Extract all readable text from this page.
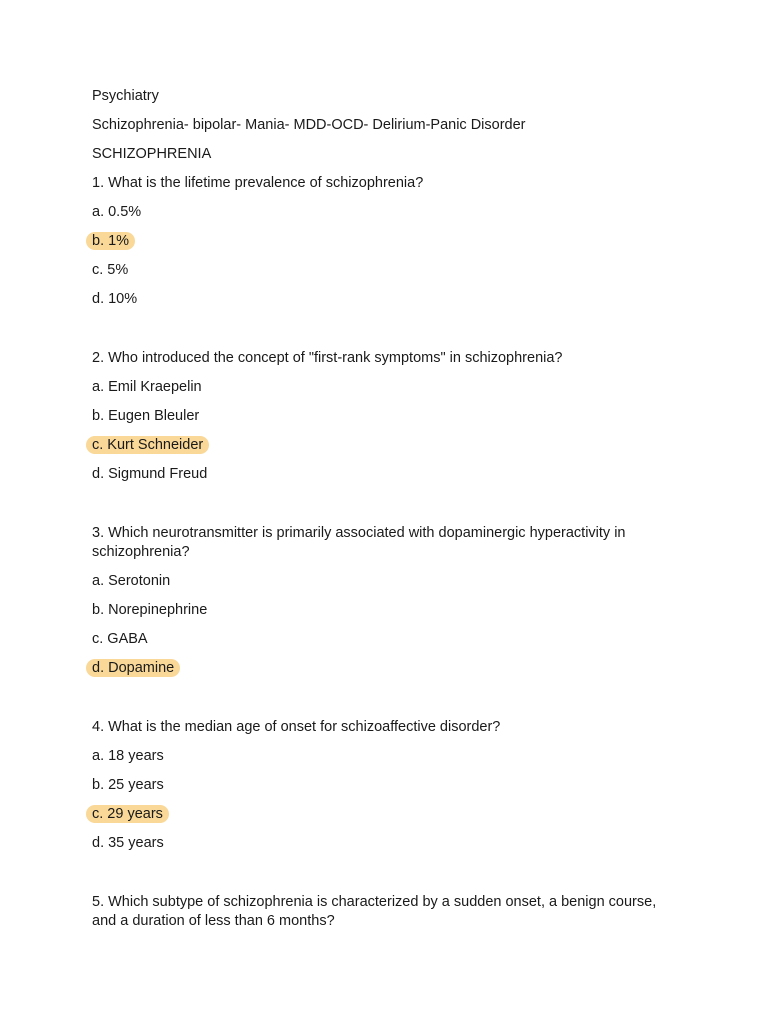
Psychiatry
Schizophrenia- bipolar- Mania- MDD-OCD- Delirium-Panic Disorder
SCHIZOPHRENIA
1. What is the lifetime prevalence of schizophrenia?
a. 0.5%
b. 1%
c. 5%
d. 10%
2. Who introduced the concept of "first-rank symptoms" in schizophrenia?
a. Emil Kraepelin
b. Eugen Bleuler
c. Kurt Schneider
d. Sigmund Freud
3. Which neurotransmitter is primarily associated with dopaminergic hyperactivity in schizophrenia?
a. Serotonin
b. Norepinephrine
c. GABA
d. Dopamine
4. What is the median age of onset for schizoaffective disorder?
a. 18 years
b. 25 years
c. 29 years
d. 35 years
5. Which subtype of schizophrenia is characterized by a sudden onset, a benign course, and a duration of less than 6 months?
